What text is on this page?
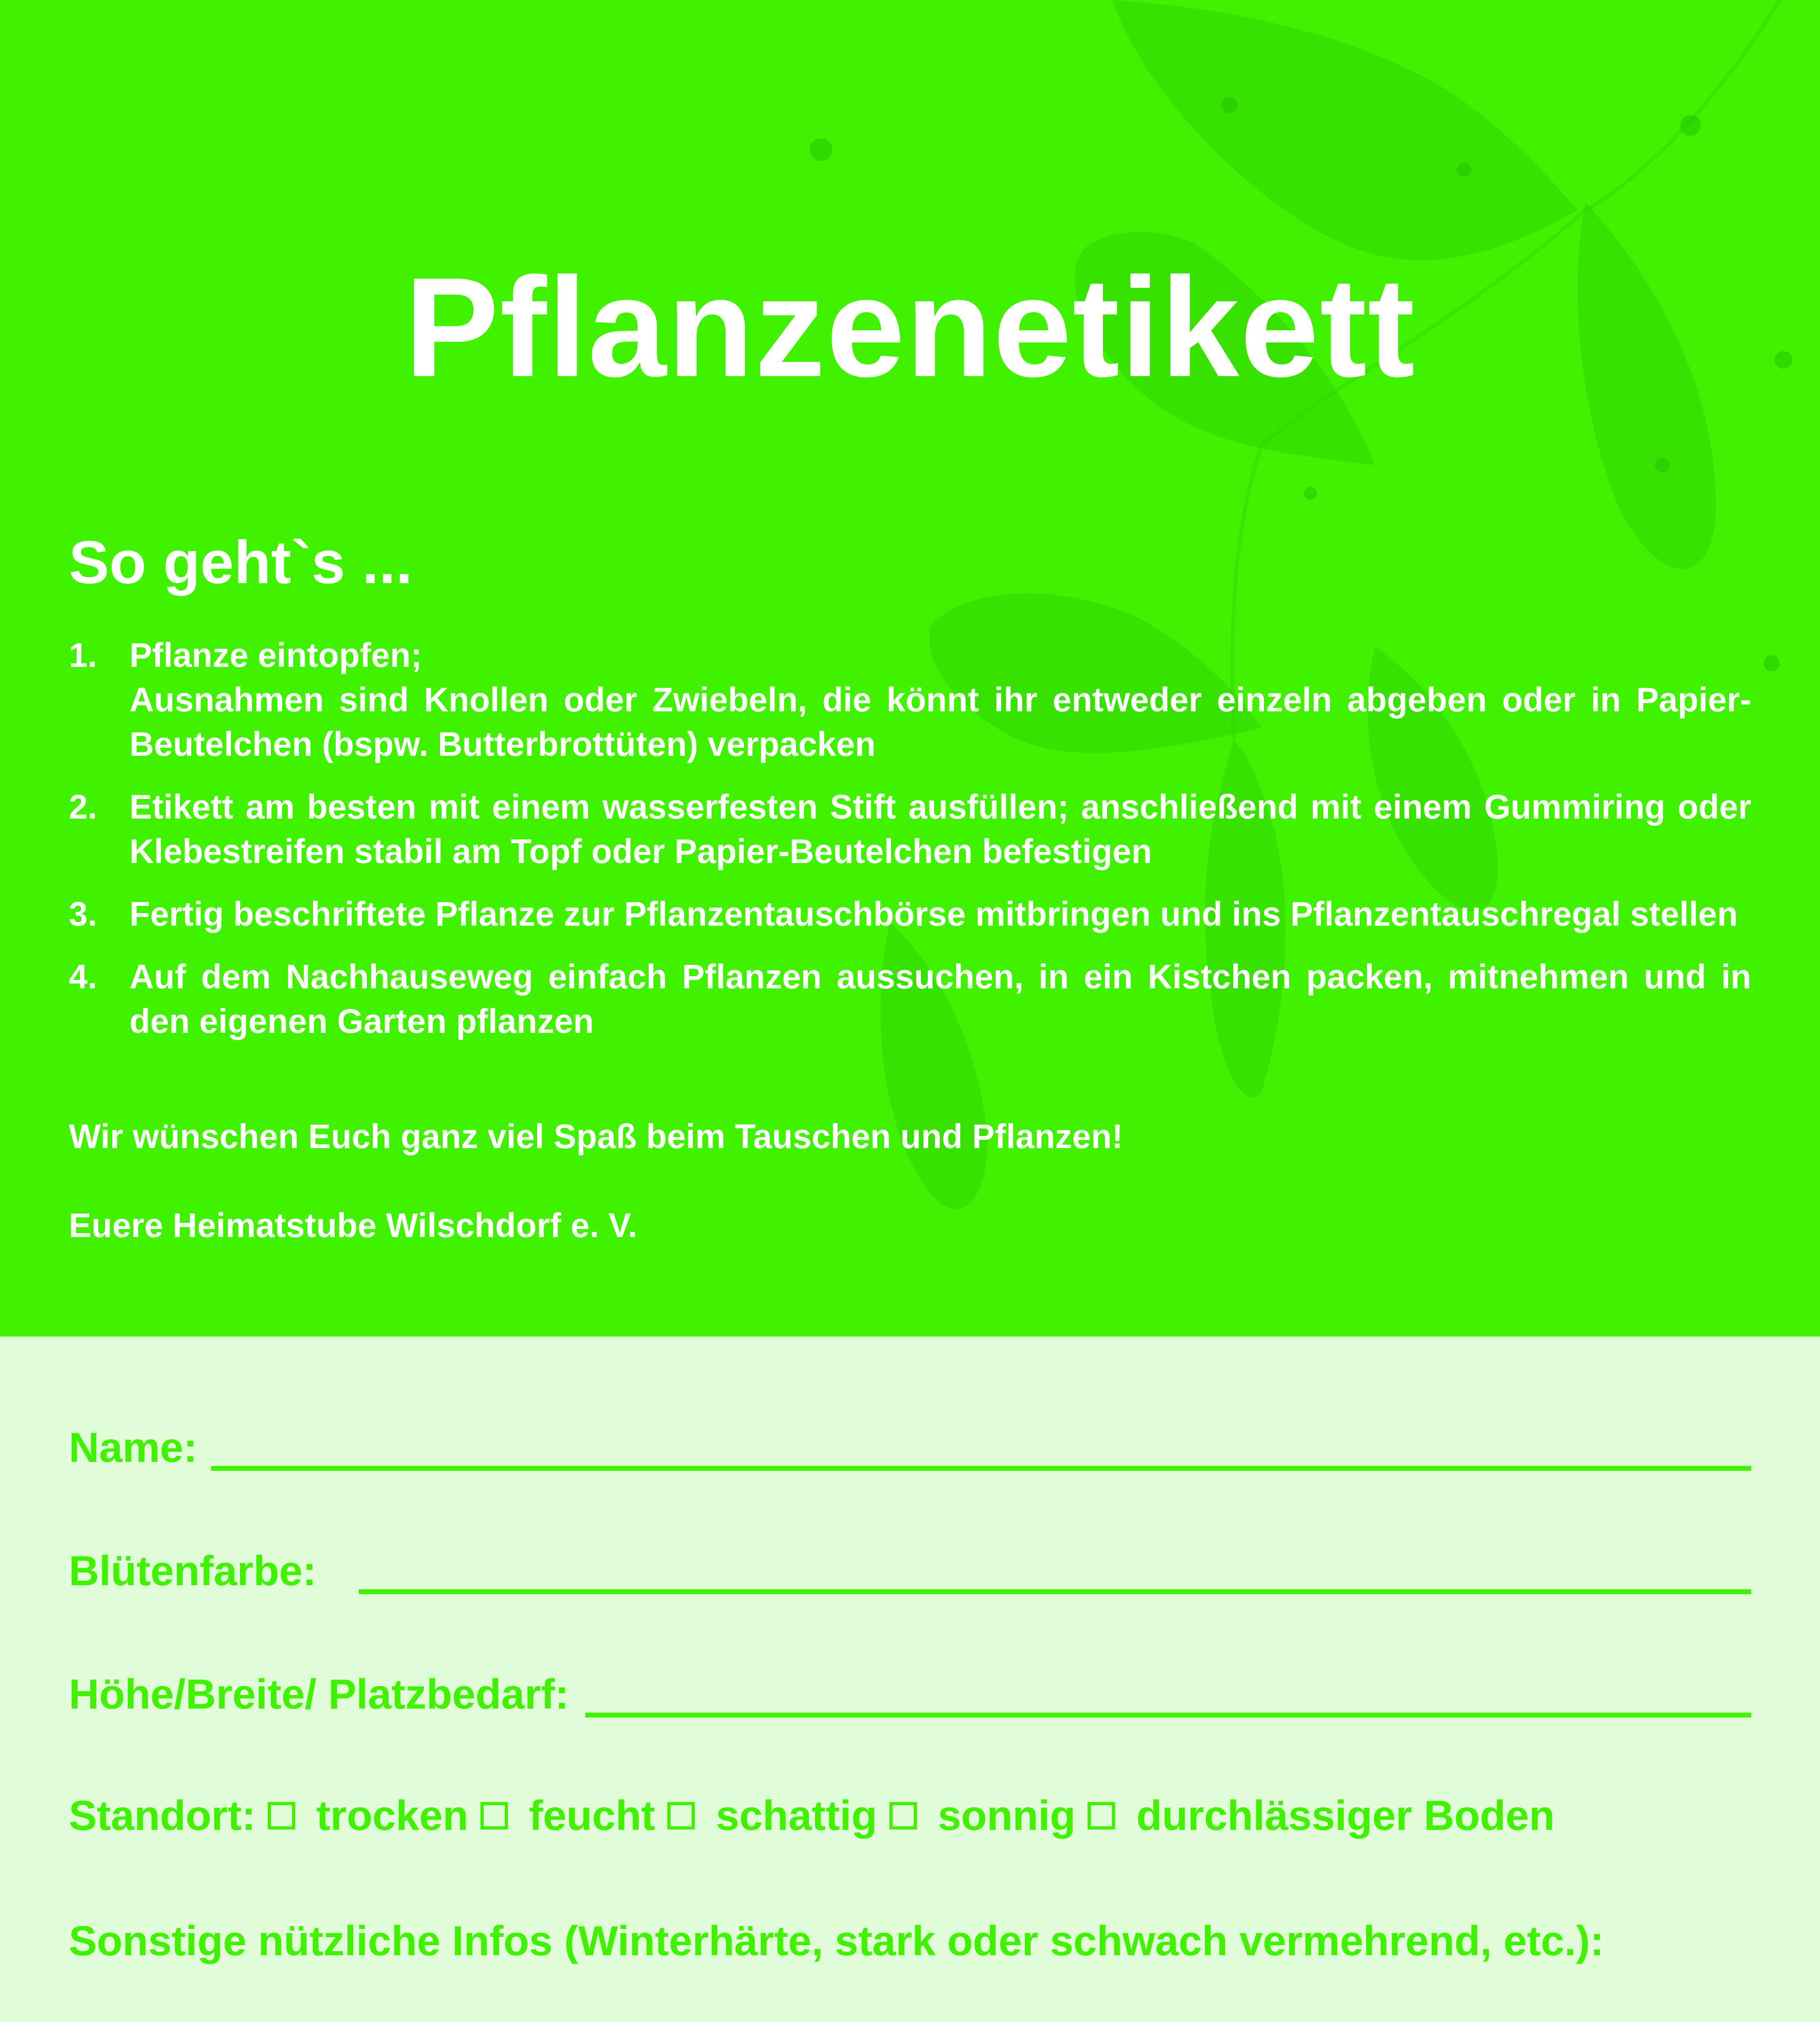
Pflanzenetikett
So geht`s ...
1. Pflanze eintopfen;
Ausnahmen sind Knollen oder Zwiebeln, die könnt ihr entweder einzeln abgeben oder in Papier-Beutelchen (bspw. Butterbrottüten) verpacken
2. Etikett am besten mit einem wasserfesten Stift ausfüllen; anschließend mit einem Gummiring oder Klebestreifen stabil am Topf oder Papier-Beutelchen befestigen
3. Fertig beschriftete Pflanze zur Pflanzentauschbörse mitbringen und ins Pflanzentauschregal stellen
4. Auf dem Nachhauseweg einfach Pflanzen aussuchen, in ein Kistchen packen, mitnehmen und in den eigenen Garten pflanzen
Wir wünschen Euch ganz viel Spaß beim Tauschen und Pflanzen!
Euere Heimatstube Wilschdorf e. V.
Name:
Blütenfarbe:
Höhe/Breite/ Platzbedarf:
Standort: trocken feucht schattig sonnig durchlässiger Boden
Sonstige nützliche Infos (Winterhärte, stark oder schwach vermehrend, etc.):
